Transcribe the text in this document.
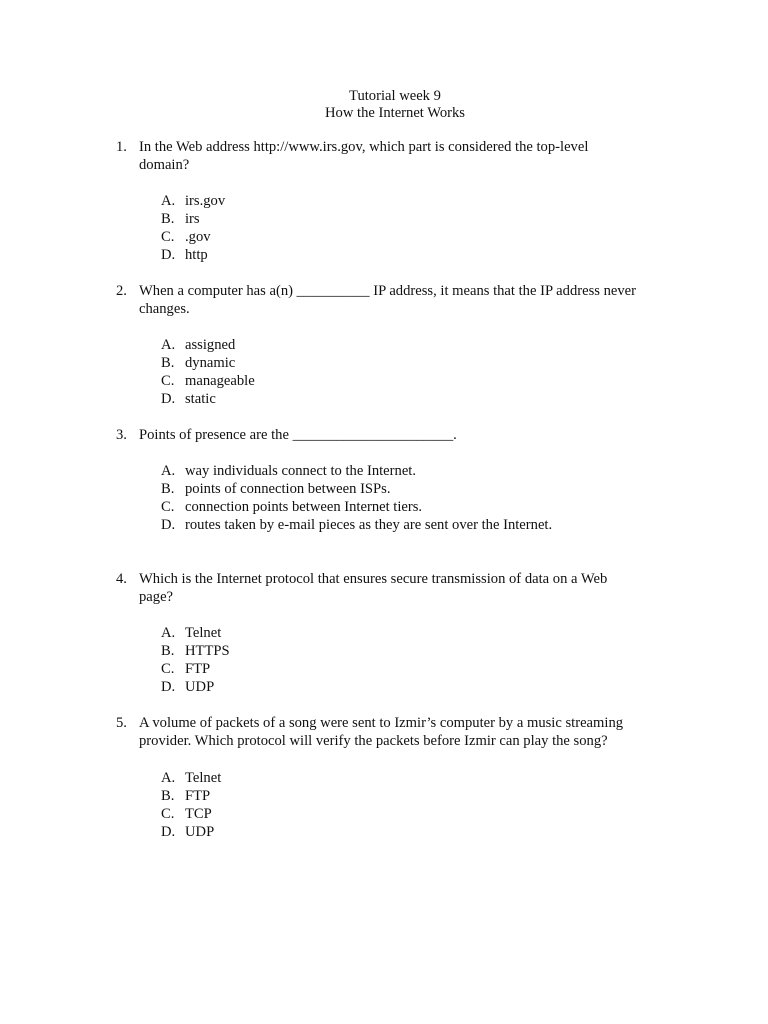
Tutorial week 9
How the Internet Works
1. In the Web address http://www.irs.gov, which part is considered the top-level
domain?
A. irs.gov
B. irs
C. .gov
D. http
2. When a computer has a(n) __________ IP address, it means that the IP address never
changes.
A. assigned
B. dynamic
C. manageable
D. static
3. Points of presence are the ______________________.
A. way individuals connect to the Internet.
B. points of connection between ISPs.
C. connection points between Internet tiers.
D. routes taken by e-mail pieces as they are sent over the Internet.
4. Which is the Internet protocol that ensures secure transmission of data on a Web
page?
A. Telnet
B. HTTPS
C. FTP
D. UDP
5. A volume of packets of a song were sent to Izmir’s computer by a music streaming
provider. Which protocol will verify the packets before Izmir can play the song?
A. Telnet
B. FTP
C. TCP
D. UDP
